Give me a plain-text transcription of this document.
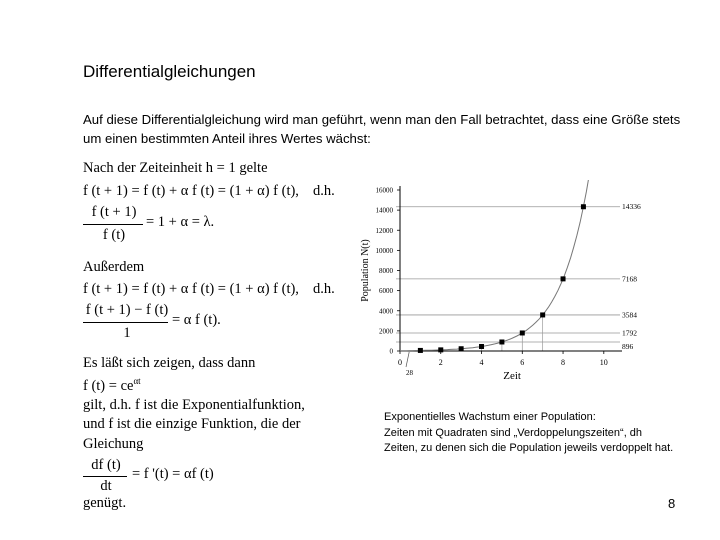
Differentialgleichungen
Auf diese Differentialgleichung wird man geführt, wenn man den Fall betrachtet, dass eine Größe stets um einen bestimmten Anteil ihres Wertes wächst:
Nach der Zeiteinheit h = 1 gelte
f (t + 1) = f (t) + α f (t) = (1 + α) f (t), d.h.
f (t + 1)
f (t)
= 1 + α = λ.
Außerdem
f (t + 1) = f (t) + α f (t) = (1 + α) f (t), d.h.
f (t + 1) − f (t)
1
= α f (t).
Es läßt sich zeigen, dass dann
f $(t) = ce^{\alpha t}$
gilt, d.h. f ist die Exponentialfunktion,
und f ist die einzige Funktion, die der
Gleichung
df (t)
dt
= f '(t) = αf (t)
genügt.
0
2000
4000
6000
8000
10000
12000
14000
16000
0	2	4	6	8	10
896
1792
3584
7168
14336
28	Zeit
Population N(t)
Exponentielles Wachstum einer Population:
Zeiten mit Quadraten sind „Verdoppelungszeiten“, dh
Zeiten, zu denen sich die Population jeweils verdoppelt hat.
8
